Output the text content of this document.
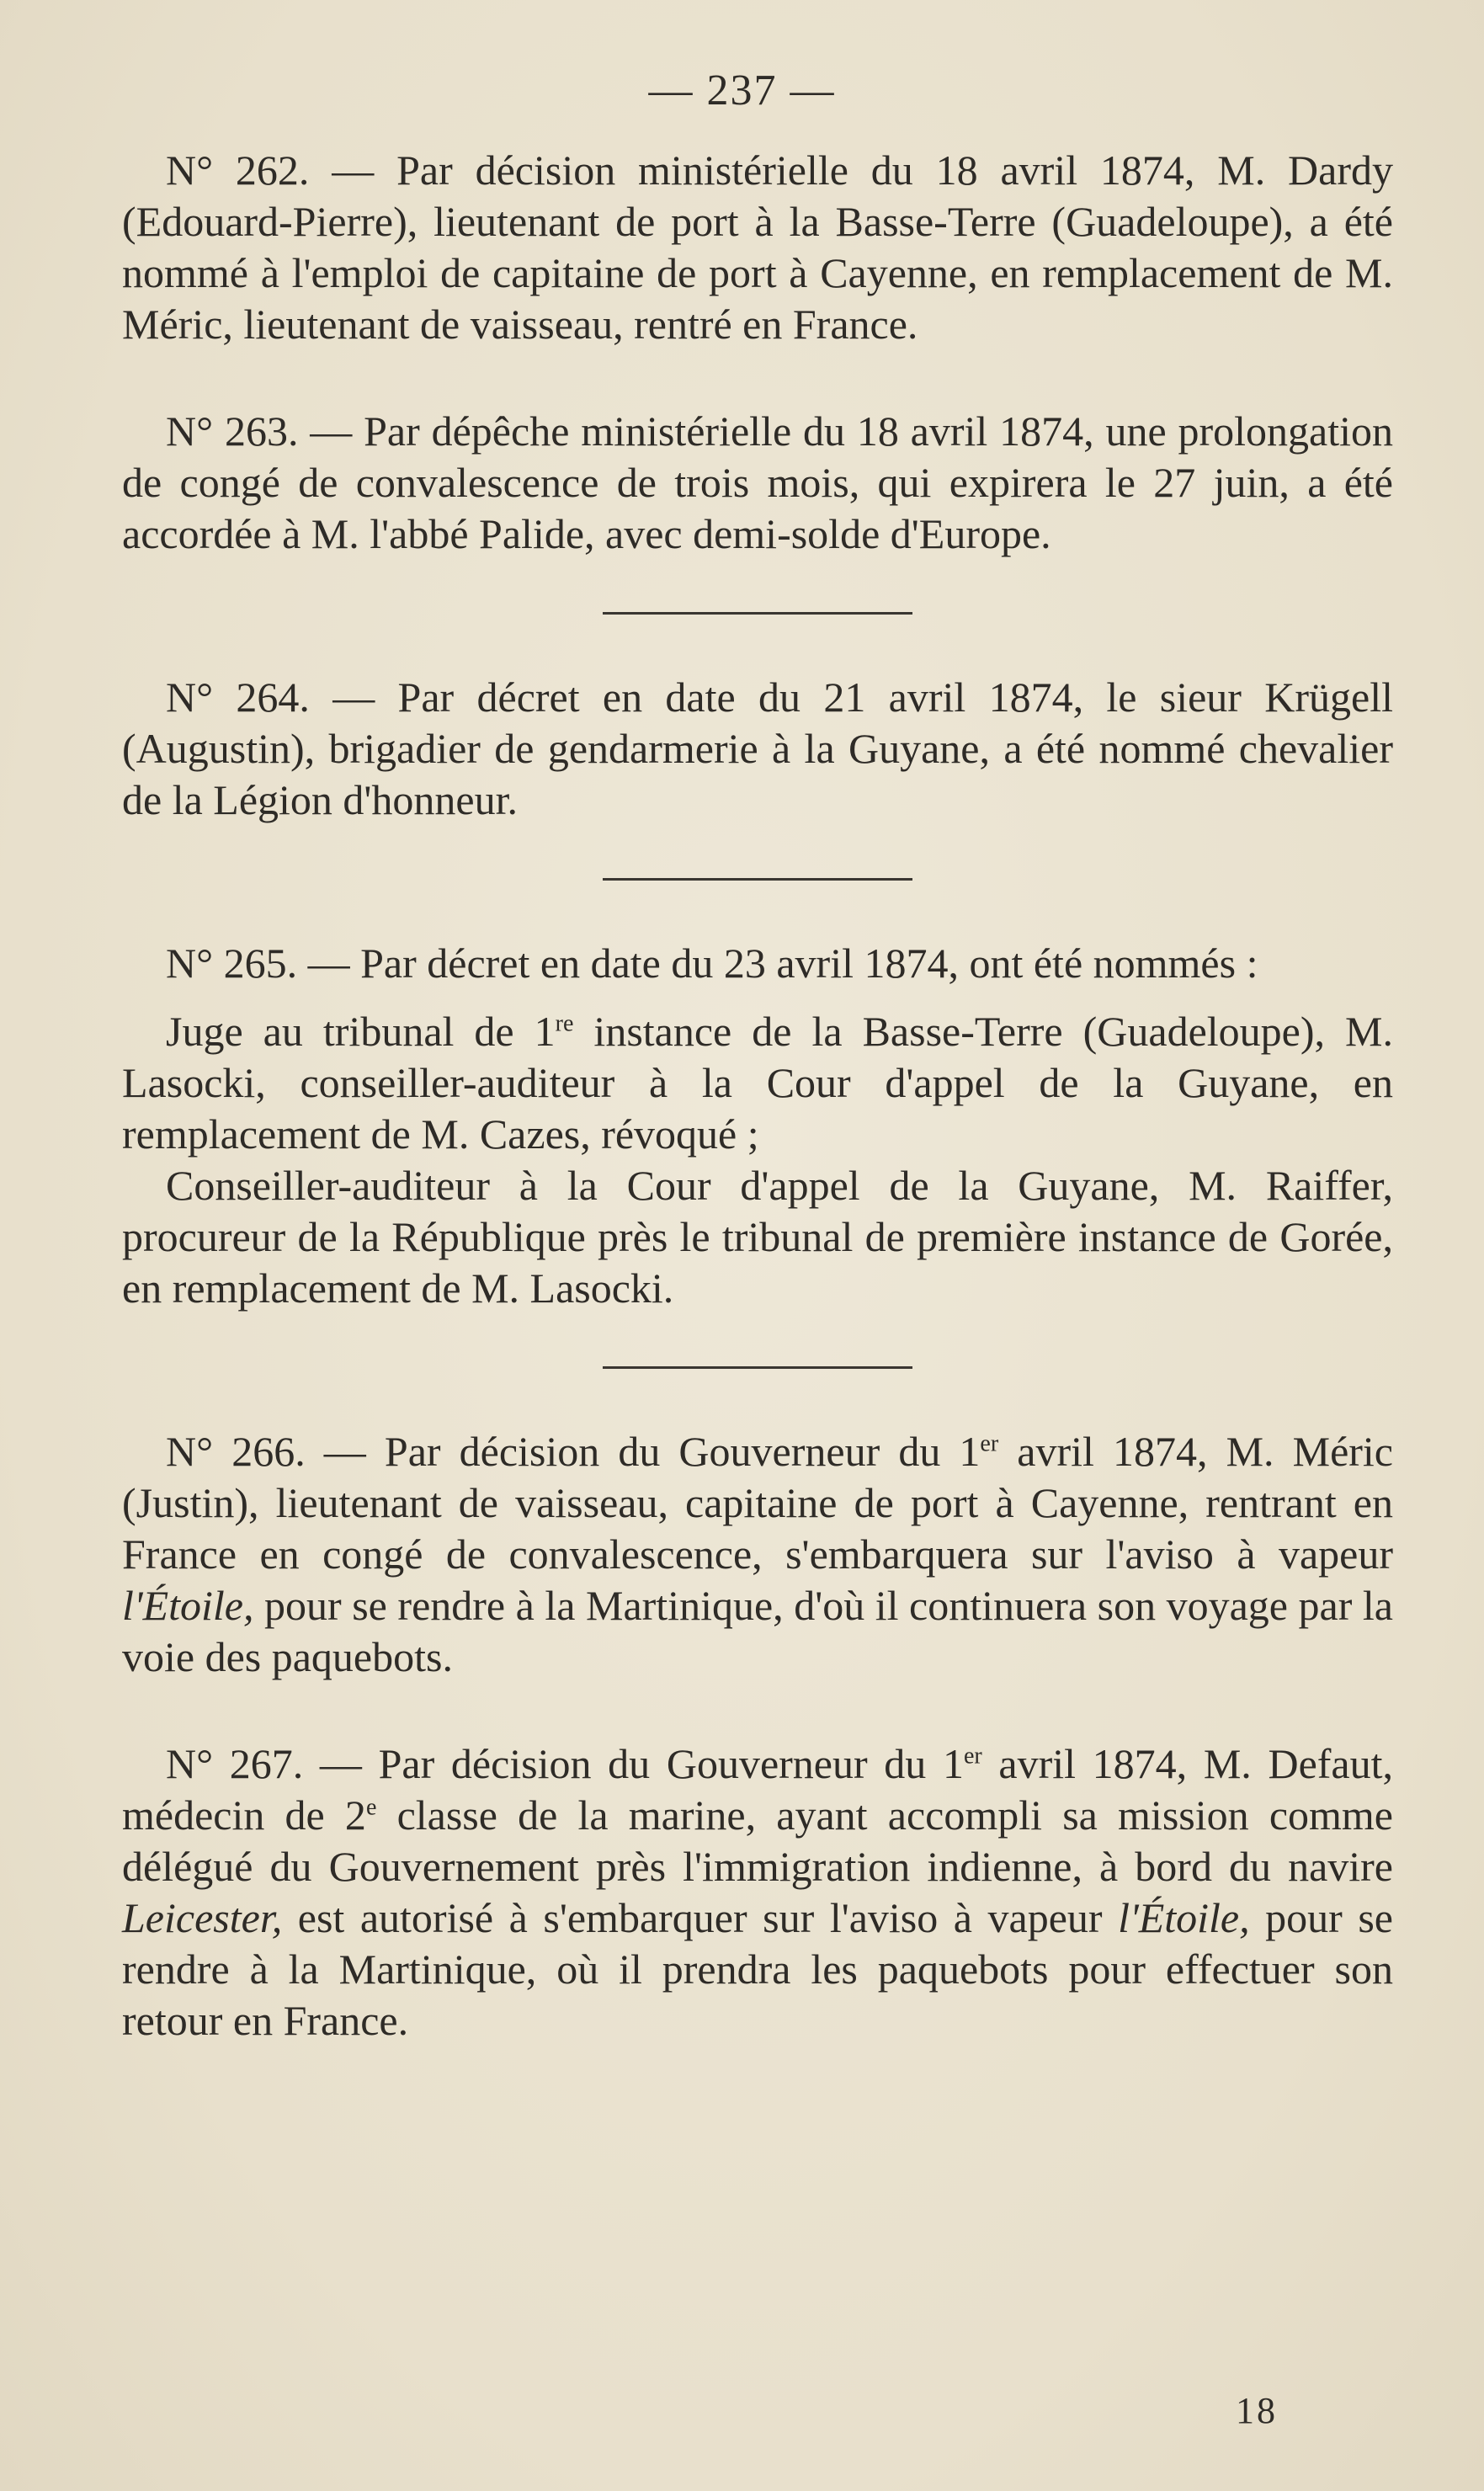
— 237 —

N° 262. — Par décision ministérielle du 18 avril 1874, M. Dardy (Edouard-Pierre), lieutenant de port à la Basse-Terre (Guadeloupe), a été nommé à l'emploi de capitaine de port à Cayenne, en remplacement de M. Méric, lieutenant de vaisseau, rentré en France.

N° 263. — Par dépêche ministérielle du 18 avril 1874, une prolongation de congé de convalescence de trois mois, qui expirera le 27 juin, a été accordée à M. l'abbé Palide, avec demi-solde d'Europe.

N° 264. — Par décret en date du 21 avril 1874, le sieur Krügell (Augustin), brigadier de gendarmerie à la Guyane, a été nommé chevalier de la Légion d'honneur.

N° 265. — Par décret en date du 23 avril 1874, ont été nommés :

Juge au tribunal de 1re instance de la Basse-Terre (Guadeloupe), M. Lasocki, conseiller-auditeur à la Cour d'appel de la Guyane, en remplacement de M. Cazes, révoqué ;

Conseiller-auditeur à la Cour d'appel de la Guyane, M. Raiffer, procureur de la République près le tribunal de première instance de Gorée, en remplacement de M. Lasocki.

N° 266. — Par décision du Gouverneur du 1er avril 1874, M. Méric (Justin), lieutenant de vaisseau, capitaine de port à Cayenne, rentrant en France en congé de convalescence, s'embarquera sur l'aviso à vapeur l'Étoile, pour se rendre à la Martinique, d'où il continuera son voyage par la voie des paquebots.

N° 267. — Par décision du Gouverneur du 1er avril 1874, M. Defaut, médecin de 2e classe de la marine, ayant accompli sa mission comme délégué du Gouvernement près l'immigration indienne, à bord du navire Leicester, est autorisé à s'embarquer sur l'aviso à vapeur l'Étoile, pour se rendre à la Martinique, où il prendra les paquebots pour effectuer son retour en France.

18
